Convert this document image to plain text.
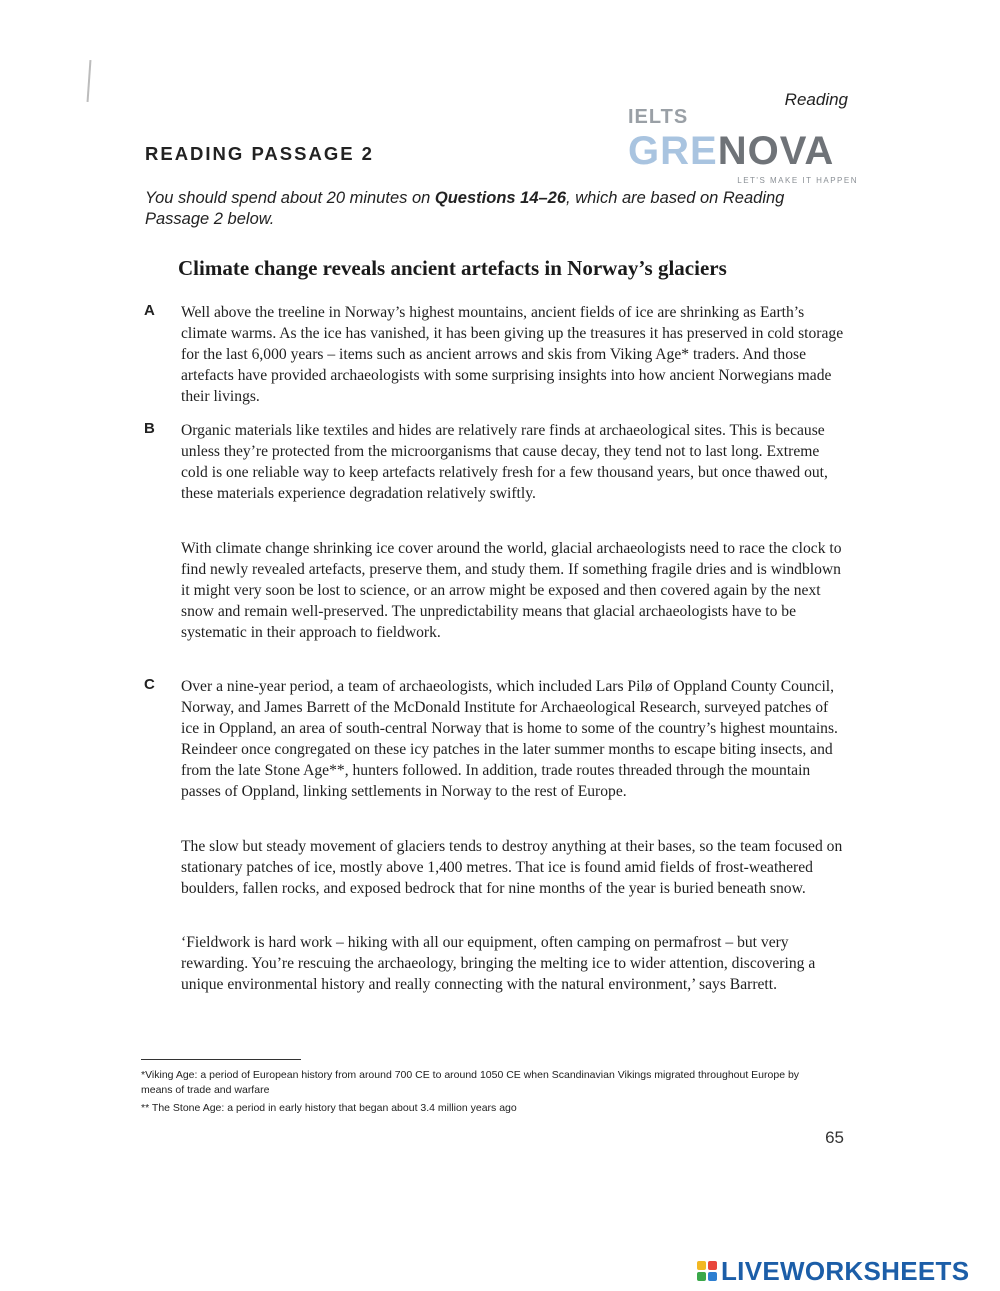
Reading
IELTS
GRENOVA
LET'S MAKE IT HAPPEN
READING PASSAGE 2
You should spend about 20 minutes on Questions 14–26, which are based on Reading Passage 2 below.
Climate change reveals ancient artefacts in Norway’s glaciers
A Well above the treeline in Norway’s highest mountains, ancient fields of ice are shrinking as Earth’s climate warms. As the ice has vanished, it has been giving up the treasures it has preserved in cold storage for the last 6,000 years – items such as ancient arrows and skis from Viking Age* traders. And those artefacts have provided archaeologists with some surprising insights into how ancient Norwegians made their livings.

B Organic materials like textiles and hides are relatively rare finds at archaeological sites. This is because unless they’re protected from the microorganisms that cause decay, they tend not to last long. Extreme cold is one reliable way to keep artefacts relatively fresh for a few thousand years, but once thawed out, these materials experience degradation relatively swiftly.

With climate change shrinking ice cover around the world, glacial archaeologists need to race the clock to find newly revealed artefacts, preserve them, and study them. If something fragile dries and is windblown it might very soon be lost to science, or an arrow might be exposed and then covered again by the next snow and remain well-preserved. The unpredictability means that glacial archaeologists have to be systematic in their approach to fieldwork.

C Over a nine-year period, a team of archaeologists, which included Lars Pilø of Oppland County Council, Norway, and James Barrett of the McDonald Institute for Archaeological Research, surveyed patches of ice in Oppland, an area of south-central Norway that is home to some of the country’s highest mountains. Reindeer once congregated on these icy patches in the later summer months to escape biting insects, and from the late Stone Age**, hunters followed. In addition, trade routes threaded through the mountain passes of Oppland, linking settlements in Norway to the rest of Europe.

The slow but steady movement of glaciers tends to destroy anything at their bases, so the team focused on stationary patches of ice, mostly above 1,400 metres. That ice is found amid fields of frost-weathered boulders, fallen rocks, and exposed bedrock that for nine months of the year is buried beneath snow.

‘Fieldwork is hard work – hiking with all our equipment, often camping on permafrost – but very rewarding. You’re rescuing the archaeology, bringing the melting ice to wider attention, discovering a unique environmental history and really connecting with the natural environment,’ says Barrett.

*Viking Age: a period of European history from around 700 CE to around 1050 CE when Scandinavian Vikings migrated throughout Europe by means of trade and warfare

** The Stone Age: a period in early history that began about 3.4 million years ago

65
LIVEWORKSHEETS
